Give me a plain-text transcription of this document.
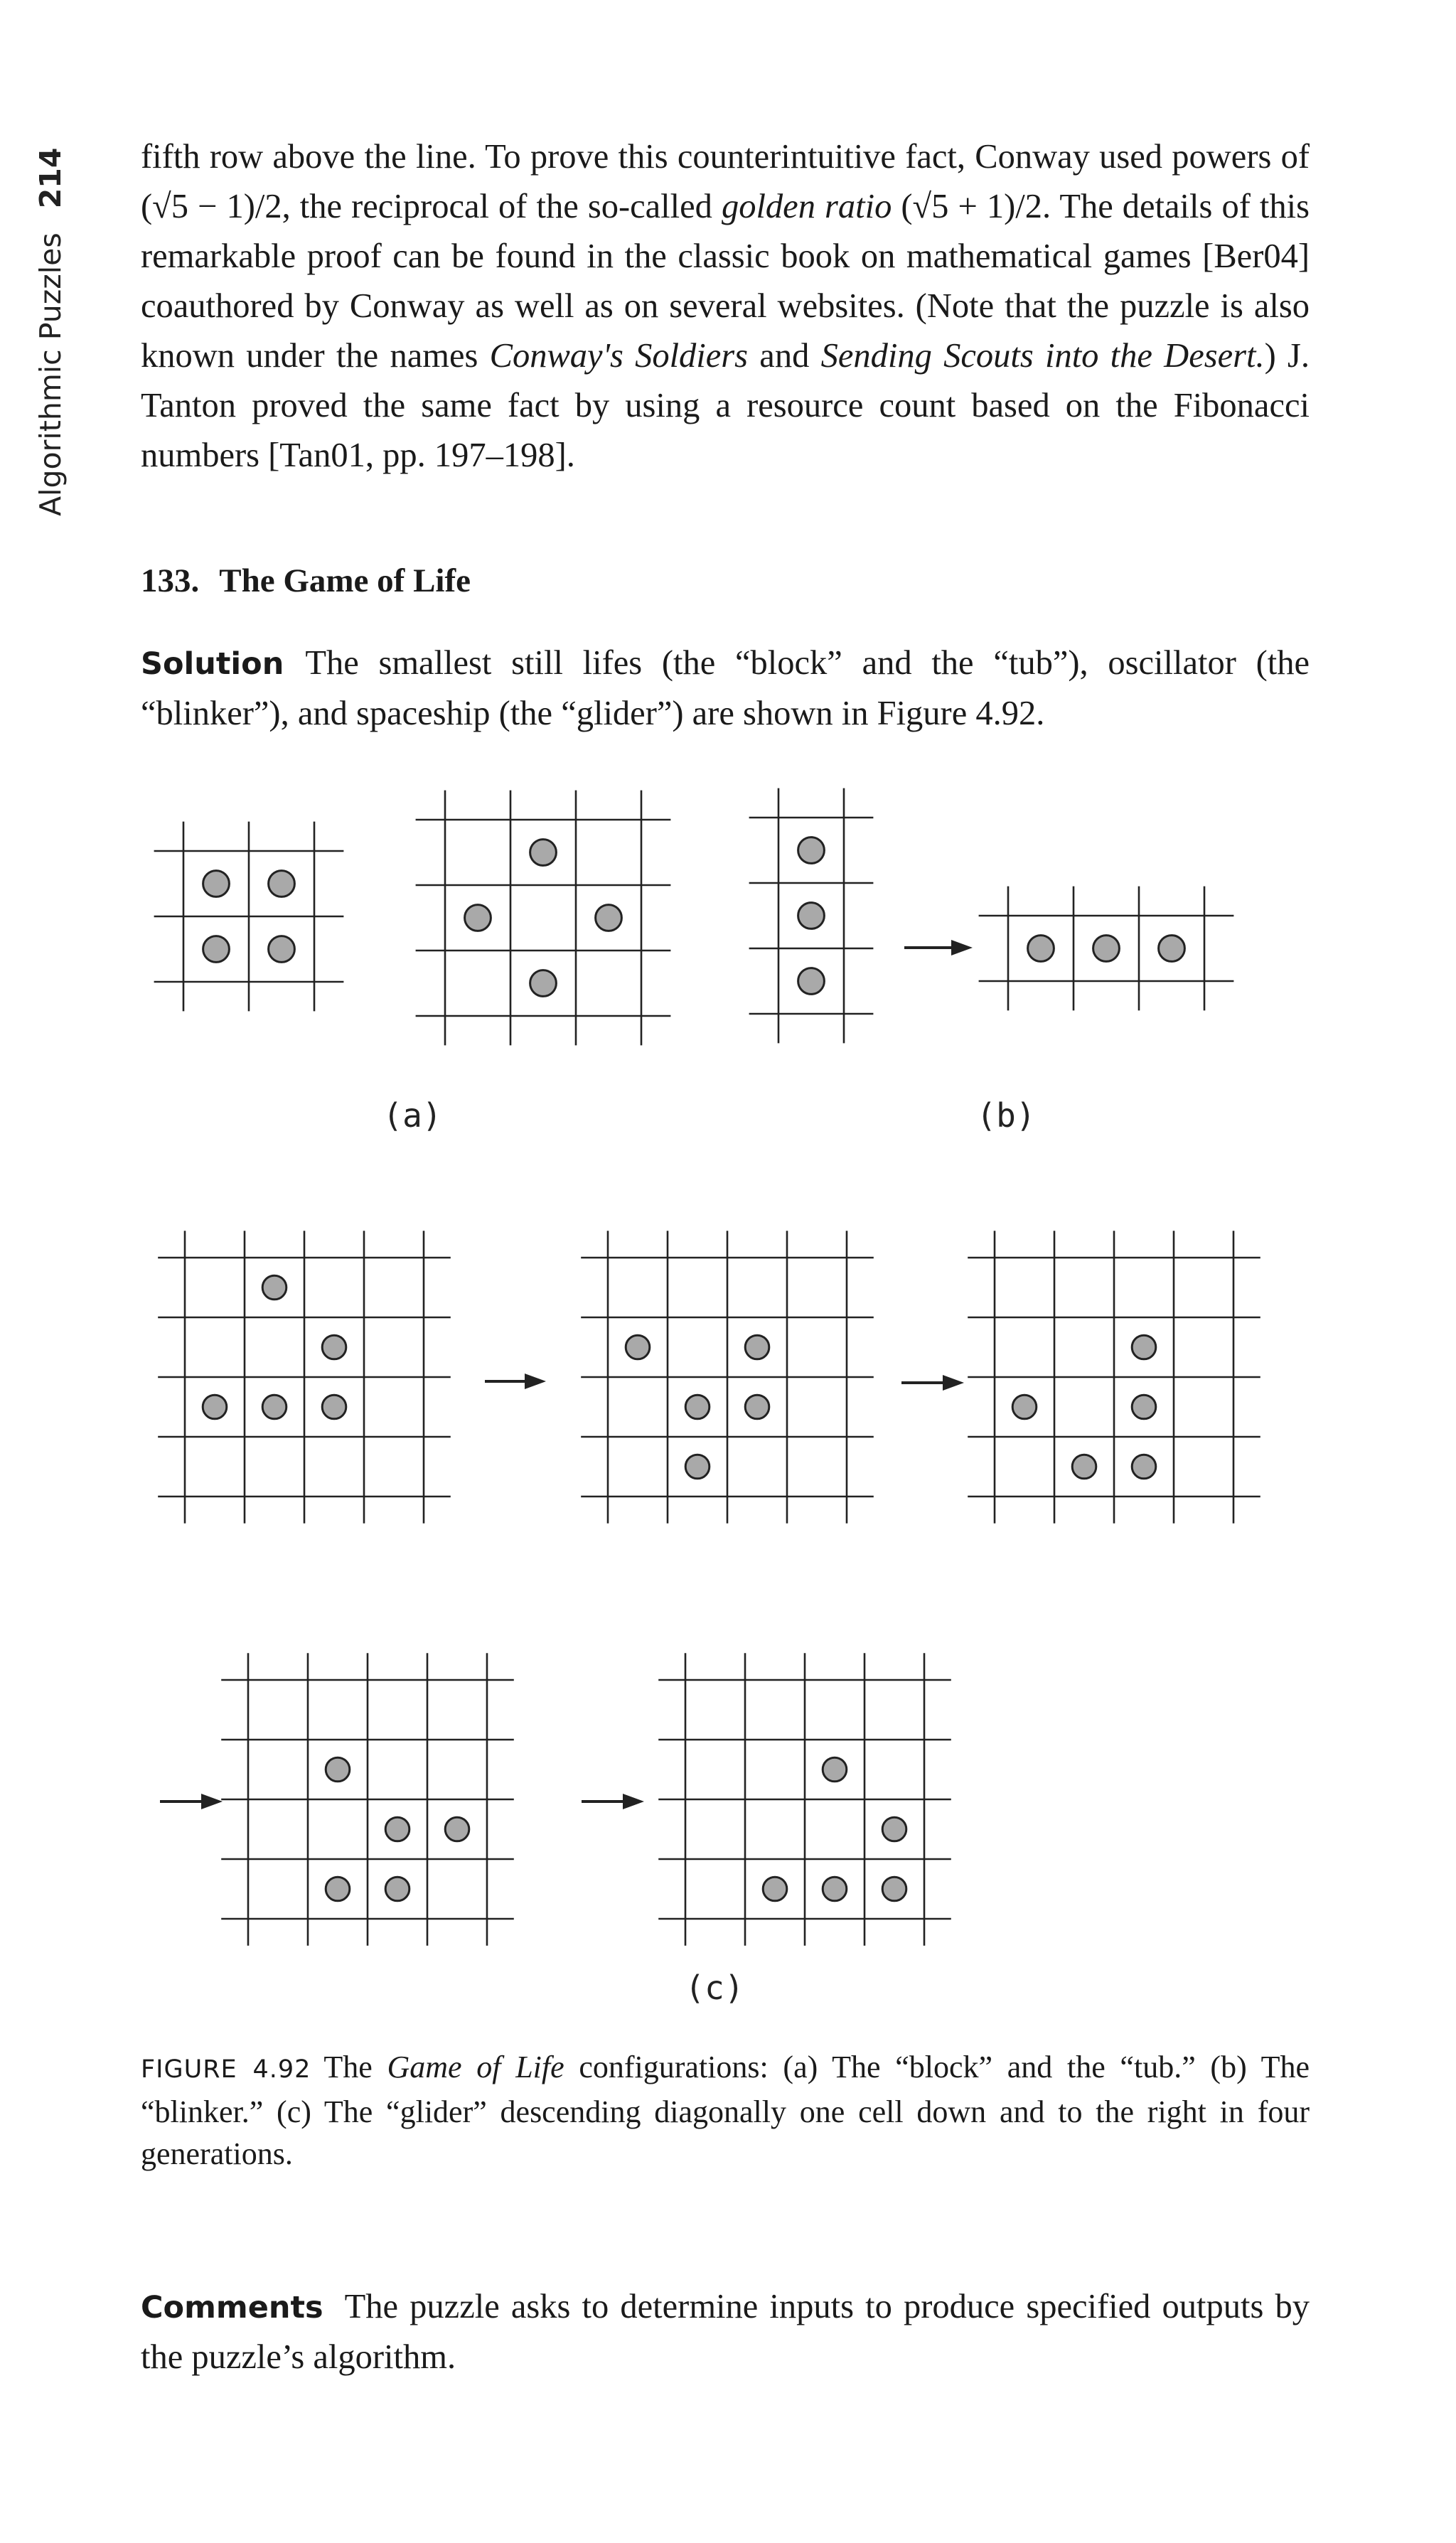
Algorithmic Puzzles
214 fifth row above the line. To prove this counterintuitive fact, Conway used powers of (√5 − 1)/2, the reciprocal of the so-called golden ratio (√5 + 1)/2. The details of this remarkable proof can be found in the classic book on mathematical games [Ber04] coauthored by Conway as well as on several websites. (Note that the puzzle is also known under the names Conway's Soldiers and Sending Scouts into the Desert.) J. Tanton proved the same fact by using a resource count based on the Fibonacci numbers [Tan01, pp. 197–198].
133. The Game of Life
Solution The smallest still lifes (the “block” and the “tub”), oscillator (the “blinker”), and spaceship (the “glider”) are shown in Figure 4.92.
(a)	(b)
(c)
FIGURE 4.92 The Game of Life configurations: (a) The “block” and the “tub.” (b) The “blinker.” (c) The “glider” descending diagonally one cell down and to the right in four generations.
Comments The puzzle asks to determine inputs to produce specified outputs by the puzzle’s algorithm.
